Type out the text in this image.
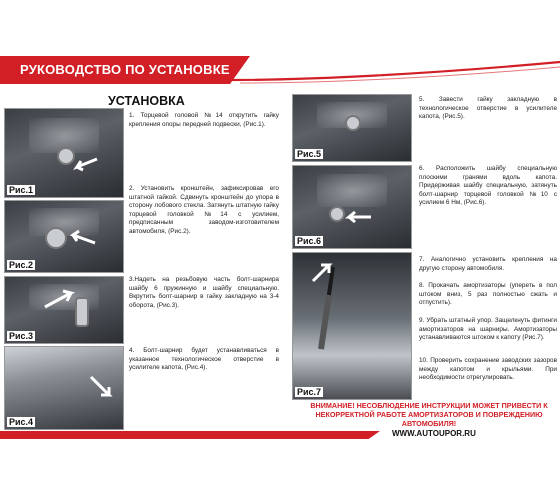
РУКОВОДСТВО ПО УСТАНОВКЕ
УСТАНОВКА
Рис.1
Рис.2
Рис.3
Рис.4
Рис.5
Рис.6
Рис.7

1. Торцевой головой №14 открутить гайку крепления опоры передней подвески, (Рис.1).

2. Установить кронштейн, зафиксировав его штатной гайкой. Сдвинуть кронштейн до упора в сторону лобового стекла. Затянуть штатную гайку торцевой головкой №14 с усилием, предписанным заводом-изготовителем автомобиля, (Рис.2).

3.Надеть на резьбовую часть болт-шарнира шайбу 6 пружинную и шайбу специальную. Вкрутить болт-шарнир в гайку закладную на 3-4 оборота, (Рис.3).

4. Болт-шарнир будет устанавливаться в указанное технологическое отверстие в усилителе капота, (Рис.4).

5. Завести гайку закладную в технологическое отверстие в усилителе капота, (Рис.5).

6. Расположить шайбу специальную плоскими гранями вдоль капота. Придерживая шайбу специальную, затянуть болт-шарнир торцевой головкой №10 с усилием 6 Нм, (Рис.6).

7. Аналогично установить крепления на другую сторону автомобиля.

8. Прокачать амортизаторы (упереть в пол штоком вниз, 5 раз полностью сжать и отпустить).

9. Убрать штатный упор. Защелкнуть фитинги амортизаторов на шарниры. Амортизаторы устанавливаются штоком к капоту (Рис.7).

10. Проверить сохранение заводских зазоров между капотом и крыльями. При необходимости отрегулировать.

ВНИМАНИЕ! НЕСОБЛЮДЕНИЕ ИНСТРУКЦИИ МОЖЕТ ПРИВЕСТИ К НЕКОРРЕКТНОЙ РАБОТЕ АМОРТИЗАТОРОВ И ПОВРЕЖДЕНИЮ АВТОМОБИЛЯ!
WWW.AUTOUPOR.RU
